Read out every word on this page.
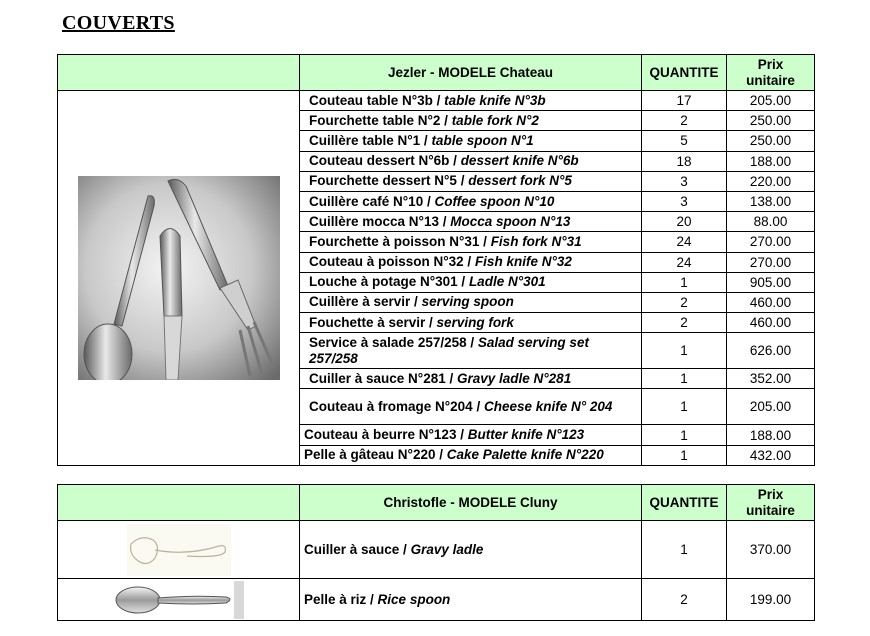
COUVERTS
	Jezler - MODELE Chateau	QUANTITE	Prix
unitaire

	Couteau table N°3b / table knife N°3b	17	205.00
	Fourchette table N°2 / table fork N°2	2	250.00
	Cuillère table N°1 / table spoon N°1	5	250.00
	Couteau dessert N°6b / dessert knife N°6b	18	188.00
	Fourchette dessert N°5 / dessert fork N°5	3	220.00
	Cuillère café N°10 / Coffee spoon N°10	3	138.00
	Cuillère mocca N°13 / Mocca spoon N°13	20	88.00
	Fourchette à poisson N°31 / Fish fork N°31	24	270.00
	Couteau à poisson N°32 / Fish knife N°32	24	270.00
	Louche à potage N°301 / Ladle N°301	1	905.00
	Cuillère à servir / serving spoon	2	460.00
	Fouchette à servir / serving fork	2	460.00
	Service à salade 257/258 / Salad serving set 257/258	1	626.00
	Cuiller à sauce N°281 / Gravy ladle N°281	1	352.00
	Couteau à fromage N°204 / Cheese knife N° 204	1	205.00
	Couteau à beurre N°123 / Butter knife N°123	1	188.00
	Pelle à gâteau N°220 / Cake Palette knife N°220	1	432.00
	Christofle - MODELE Cluny	QUANTITE	Prix
unitaire

	Cuiller à sauce / Gravy ladle	1	370.00

	Pelle à riz / Rice spoon	2	199.00
